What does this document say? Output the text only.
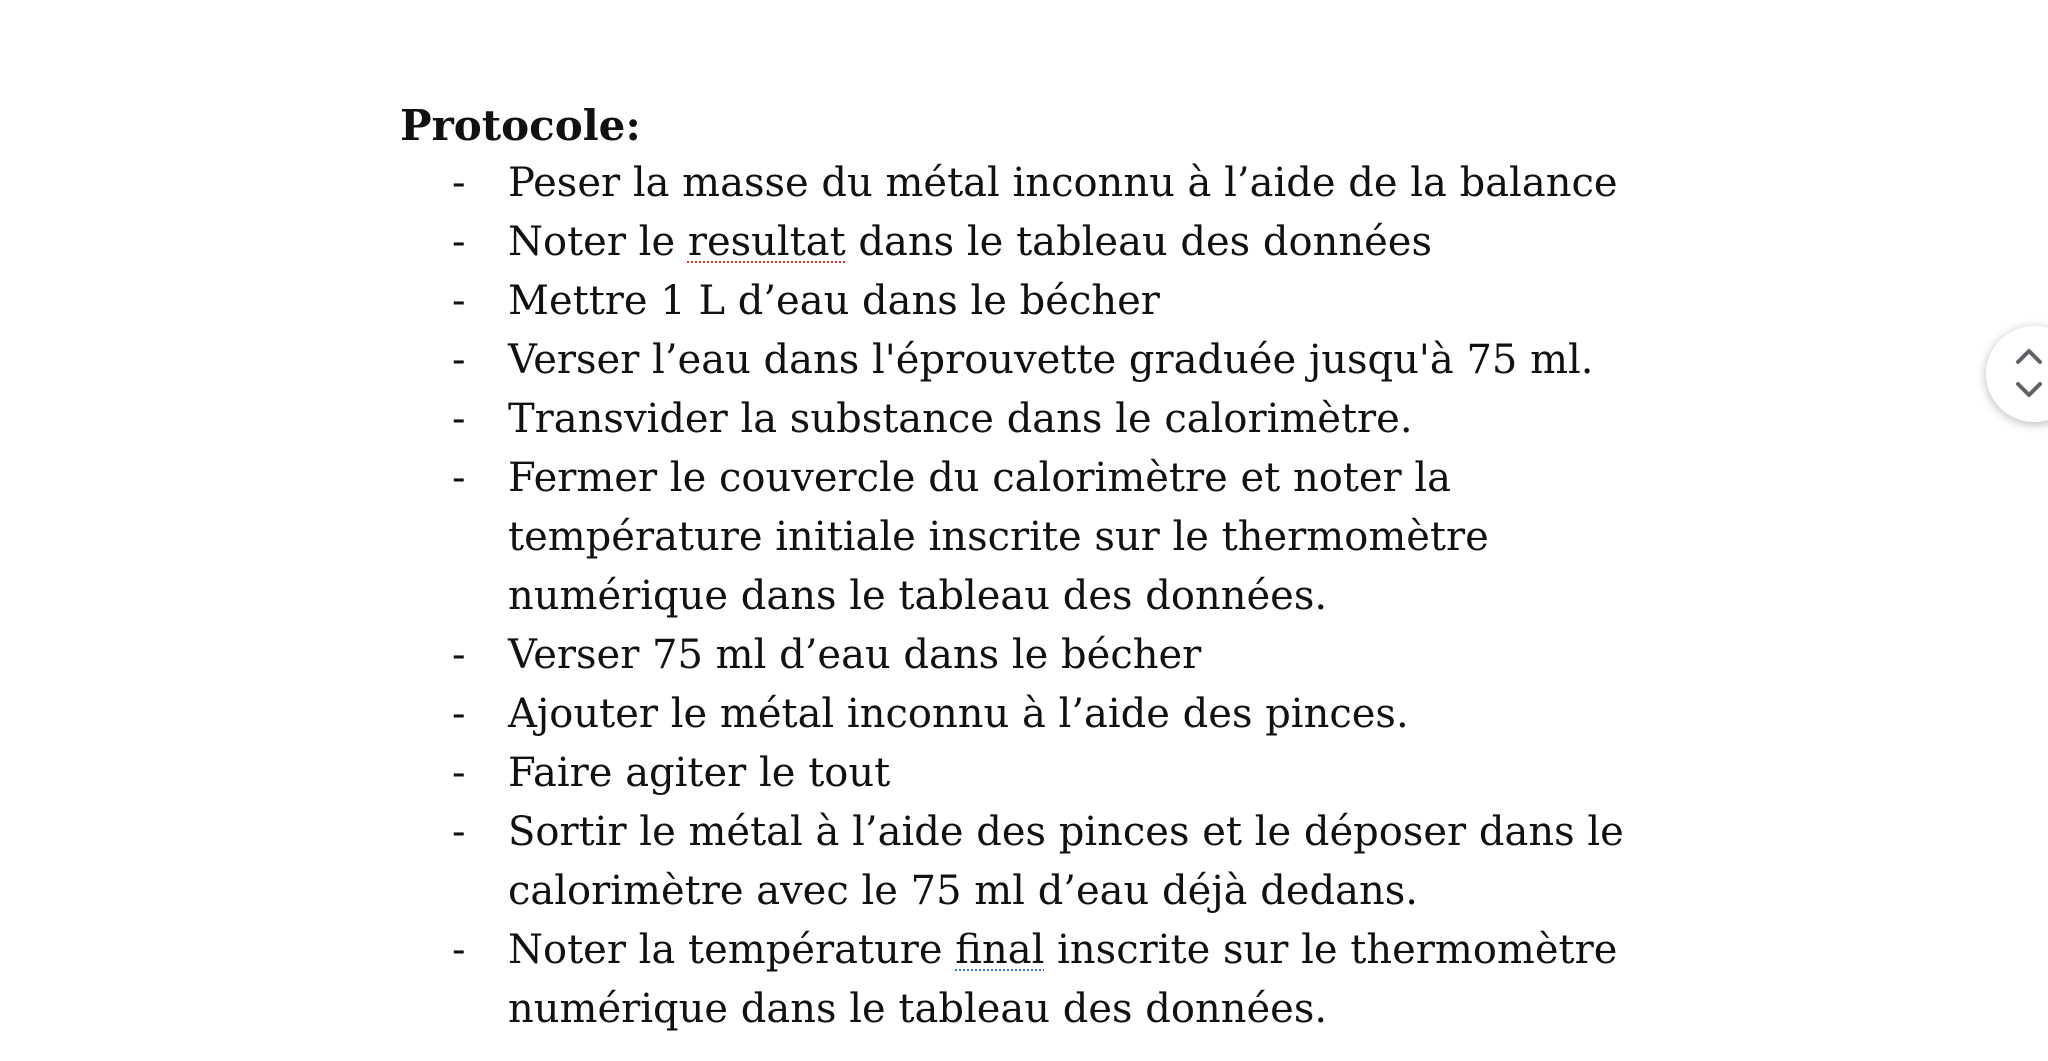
Protocole:
- Peser la masse du métal inconnu à l’aide de la balance
- Noter le resultat dans le tableau des données
- Mettre 1 L d’eau dans le bécher
- Verser l’eau dans l'éprouvette graduée jusqu'à 75 ml.
- Transvider la substance dans le calorimètre.
- Fermer le couvercle du calorimètre et noter la
température initiale inscrite sur le thermomètre
numérique dans le tableau des données.
- Verser 75 ml d’eau dans le bécher
- Ajouter le métal inconnu à l’aide des pinces.
- Faire agiter le tout
- Sortir le métal à l’aide des pinces et le déposer dans le
calorimètre avec le 75 ml d’eau déjà dedans.
- Noter la température final inscrite sur le thermomètre
numérique dans le tableau des données.
